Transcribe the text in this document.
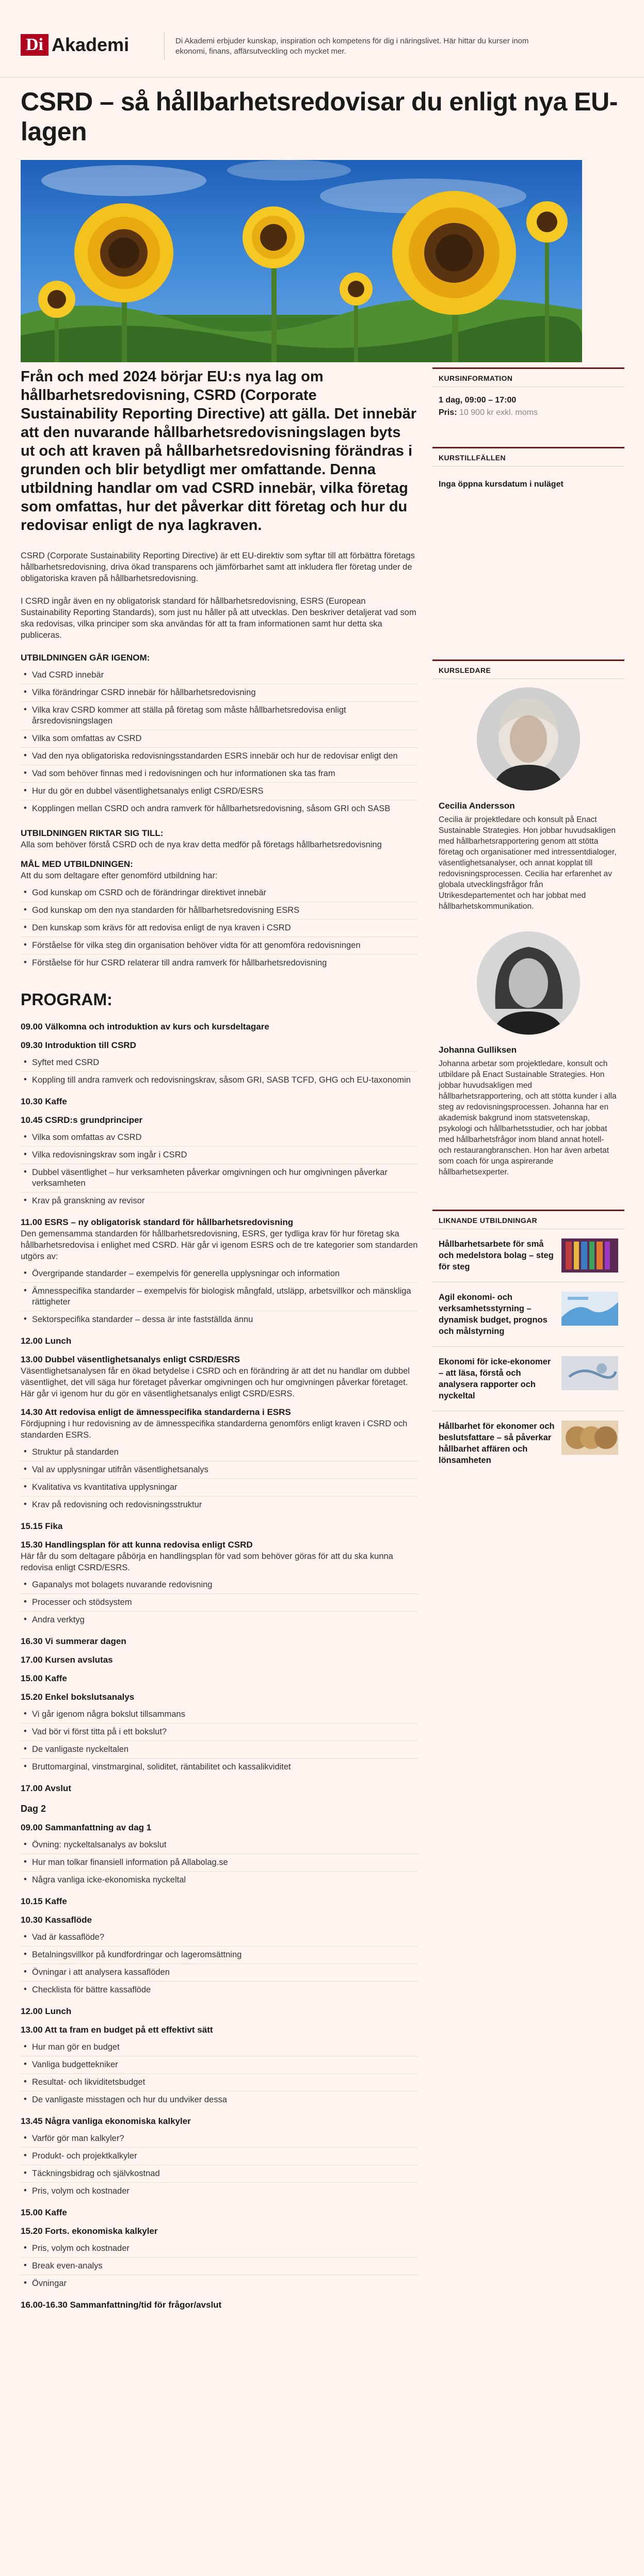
Di Akademi	Di Akademi erbjuder kunskap, inspiration och kompetens för dig i näringslivet. Här hittar du kurser inom ekonomi, finans, affärsutveckling och mycket mer.

CSRD – så hållbarhetsredovisar du enligt nya EU-lagen

Från och med 2024 börjar EU:s nya lag om hållbarhetsredovisning, CSRD (Corporate Sustainability Reporting Directive) att gälla. Det innebär att den nuvarande hållbarhetsredovisningslagen byts ut och att kraven på hållbarhetsredovisning förändras i grunden och blir betydligt mer omfattande. Denna utbildning handlar om vad CSRD innebär, vilka företag som omfattas, hur det påverkar ditt företag och hur du redovisar enligt de nya lagkraven.

CSRD (Corporate Sustainability Reporting Directive) är ett EU-direktiv som syftar till att förbättra företags hållbarhetsredovisning, driva ökad transparens och jämförbarhet samt att inkludera fler företag under de obligatoriska kraven på hållbarhetsredovisning.

I CSRD ingår även en ny obligatorisk standard för hållbarhetsredovisning, ESRS (European Sustainability Reporting Standards), som just nu håller på att utvecklas. Den beskriver detaljerat vad som ska redovisas, vilka principer som ska användas för att ta fram informationen samt hur detta ska publiceras.

UTBILDNINGEN GÅR IGENOM:

• Vad CSRD innebär
• Vilka förändringar CSRD innebär för hållbarhetsredovisning
• Vilka krav CSRD kommer att ställa på företag som måste hållbarhetsredovisa enligt årsredovisningslagen
• Vilka som omfattas av CSRD
• Vad den nya obligatoriska redovisningsstandarden ESRS innebär och hur de redovisar enligt den
• Vad som behöver finnas med i redovisningen och hur informationen ska tas fram
• Hur du gör en dubbel väsentlighetsanalys enligt CSRD/ESRS
• Kopplingen mellan CSRD och andra ramverk för hållbarhetsredovisning, såsom GRI och SASB

UTBILDNINGEN RIKTAR SIG TILL:

Alla som behöver förstå CSRD och de nya krav detta medför på företags hållbarhetsredovisning

MÅL MED UTBILDNINGEN:

Att du som deltagare efter genomförd utbildning har:

• God kunskap om CSRD och de förändringar direktivet innebär
• God kunskap om den nya standarden för hållbarhetsredovisning ESRS
• Den kunskap som krävs för att redovisa enligt de nya kraven i CSRD
• Förståelse för vilka steg din organisation behöver vidta för att genomföra redovisningen
• Förståelse för hur CSRD relaterar till andra ramverk för hållbarhetsredovisning
PROGRAM:
09.00 Välkomna och introduktion av kurs och kursdeltagare
09.30 Introduktion till CSRD
• Syftet med CSRD
• Koppling till andra ramverk och redovisningskrav, såsom GRI, SASB TCFD, GHG och EU-taxonomin
10.30 Kaffe
10.45 CSRD:s grundprinciper
• Vilka som omfattas av CSRD
• Vilka redovisningskrav som ingår i CSRD
• Dubbel väsentlighet – hur verksamheten påverkar omgivningen och hur omgivningen påverkar verksamheten
• Krav på granskning av revisor
11.00 ESRS – ny obligatorisk standard för hållbarhetsredovisning

Den gemensamma standarden för hållbarhetsredovisning, ESRS, ger tydliga krav för hur företag ska hållbarhetsredovisa i enlighet med CSRD. Här går vi igenom ESRS och de tre kategorier som standarden utgörs av:

• Övergripande standarder – exempelvis för generella upplysningar och information
• Ämnesspecifika standarder – exempelvis för biologisk mångfald, utsläpp, arbetsvillkor och mänskliga rättigheter
• Sektorspecifika standarder – dessa är inte fastställda ännu
12.00 Lunch
13.00 Dubbel väsentlighetsanalys enligt CSRD/ESRS

Väsentlighetsanalysen får en ökad betydelse i CSRD och en förändring är att det nu handlar om dubbel väsentlighet, det vill säga hur företaget påverkar omgivningen och hur omgivningen påverkar företaget. Här går vi igenom hur du gör en väsentlighetsanalys enligt CSRD/ESRS.

14.30 Att redovisa enligt de ämnesspecifika standarderna i ESRS

Fördjupning i hur redovisning av de ämnesspecifika standarderna genomförs enligt kraven i CSRD och standarden ESRS.

• Struktur på standarden
• Val av upplysningar utifrån väsentlighetsanalys
• Kvalitativa vs kvantitativa upplysningar
• Krav på redovisning och redovisningsstruktur
15.15 Fika
15.30 Handlingsplan för att kunna redovisa enligt CSRD

Här får du som deltagare påbörja en handlingsplan för vad som behöver göras för att du ska kunna redovisa enligt CSRD/ESRS.

• Gapanalys mot bolagets nuvarande redovisning
• Processer och stödsystem
• Andra verktyg
16.30 Vi summerar dagen
17.00 Kursen avslutas
15.00 Kaffe
15.20 Enkel bokslutsanalys
• Vi går igenom några bokslut tillsammans
• Vad bör vi först titta på i ett bokslut?
• De vanligaste nyckeltalen
• Bruttomarginal, vinstmarginal, soliditet, räntabilitet och kassalikviditet
17.00 Avslut
Dag 2
09.00 Sammanfattning av dag 1
• Övning: nyckeltalsanalys av bokslut
• Hur man tolkar finansiell information på Allabolag.se
• Några vanliga icke-ekonomiska nyckeltal
10.15 Kaffe
10.30 Kassaflöde
• Vad är kassaflöde?
• Betalningsvillkor på kundfordringar och lageromsättning
• Övningar i att analysera kassaflöden
• Checklista för bättre kassaflöde
12.00 Lunch
13.00 Att ta fram en budget på ett effektivt sätt
• Hur man gör en budget
• Vanliga budgettekniker
• Resultat- och likviditetsbudget
• De vanligaste misstagen och hur du undviker dessa
13.45 Några vanliga ekonomiska kalkyler
• Varför gör man kalkyler?
• Produkt- och projektkalkyler
• Täckningsbidrag och självkostnad
• Pris, volym och kostnader
15.00 Kaffe
15.20 Forts. ekonomiska kalkyler
• Pris, volym och kostnader
• Break even-analys
• Övningar
16.00-16.30 Sammanfattning/tid för frågor/avslut
KURSINFORMATION
1 dag, 09:00 – 17:00
Pris: 10 900 kr exkl. moms
KURSTILLFÄLLEN
Inga öppna kursdatum i nuläget
KURSLEDARE
Cecilia Andersson
Cecilia är projektledare och konsult på Enact Sustainable Strategies. Hon jobbar huvudsakligen med hållbarhetsrapportering genom att stötta företag och organisationer med intressentdialoger, väsentlighetsanalyser, och annat kopplat till redovisningsprocessen. Cecilia har erfarenhet av globala utvecklingsfrågor från Utrikesdepartementet och har jobbat med hållbarhetskommunikation.
Johanna Gulliksen
Johanna arbetar som projektledare, konsult och utbildare på Enact Sustainable Strategies. Hon jobbar huvudsakligen med hållbarhetsrapportering, och att stötta kunder i alla steg av redovisningsprocessen. Johanna har en akademisk bakgrund inom statsvetenskap, psykologi och hållbarhetsstudier, och har jobbat med hållbarhetsfrågor inom bland annat hotell- och restaurangbranschen. Hon har även arbetat som coach för unga aspirerande hållbarhetsexperter.
LIKNANDE UTBILDNINGAR
Hållbarhetsarbete för små och medelstora bolag – steg för steg
Agil ekonomi- och verksamhetsstyrning – dynamisk budget, prognos och målstyrning
Ekonomi för icke-ekonomer – att läsa, förstå och analysera rapporter och nyckeltal
Hållbarhet för ekonomer och beslutsfattare – så påverkar hållbarhet affären och lönsamheten
